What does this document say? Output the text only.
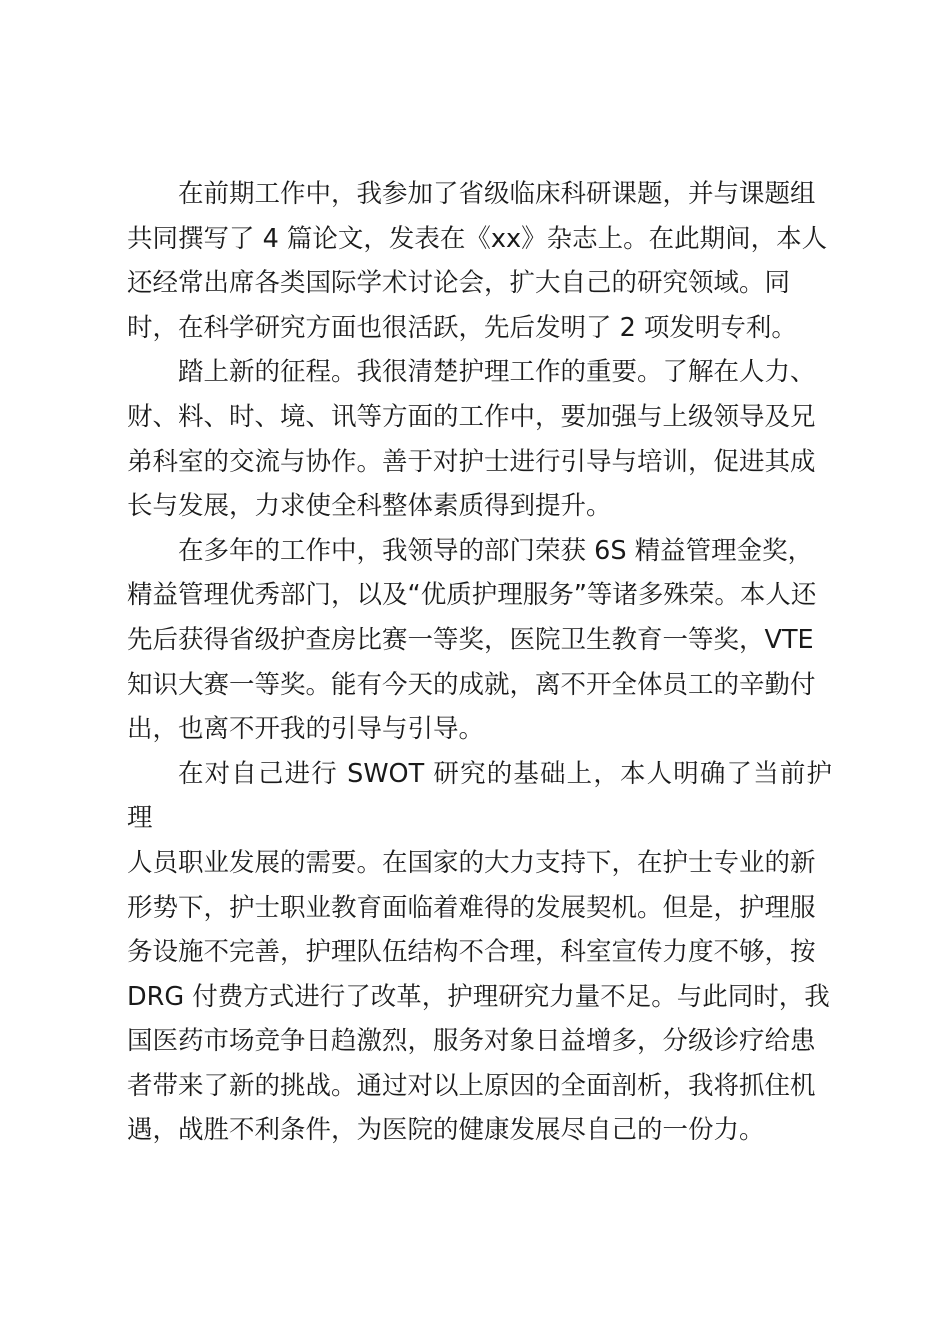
在前期工作中，我参加了省级临床科研课题，并与课题组
共同撰写了 4 篇论文，发表在《xx》杂志上。在此期间，本人
还经常出席各类国际学术讨论会，扩大自己的研究领域。同
时，在科学研究方面也很活跃，先后发明了 2 项发明专利。

踏上新的征程。我很清楚护理工作的重要。了解在人力、
财、料、时、境、讯等方面的工作中，要加强与上级领导及兄
弟科室的交流与协作。善于对护士进行引导与培训，促进其成
长与发展，力求使全科整体素质得到提升。

在多年的工作中，我领导的部门荣获 6S 精益管理金奖，
精益管理优秀部门，以及“优质护理服务”等诸多殊荣。本人还
先后获得省级护查房比赛一等奖，医院卫生教育一等奖，VTE
知识大赛一等奖。能有今天的成就，离不开全体员工的辛勤付
出，也离不开我的引导与引导。

在对自己进行 SWOT 研究的基础上，本人明确了当前护理
人员职业发展的需要。在国家的大力支持下，在护士专业的新
形势下，护士职业教育面临着难得的发展契机。但是，护理服
务设施不完善，护理队伍结构不合理，科室宣传力度不够，按
DRG 付费方式进行了改革，护理研究力量不足。与此同时，我
国医药市场竞争日趋激烈，服务对象日益增多，分级诊疗给患
者带来了新的挑战。通过对以上原因的全面剖析，我将抓住机
遇，战胜不利条件，为医院的健康发展尽自己的一份力。
